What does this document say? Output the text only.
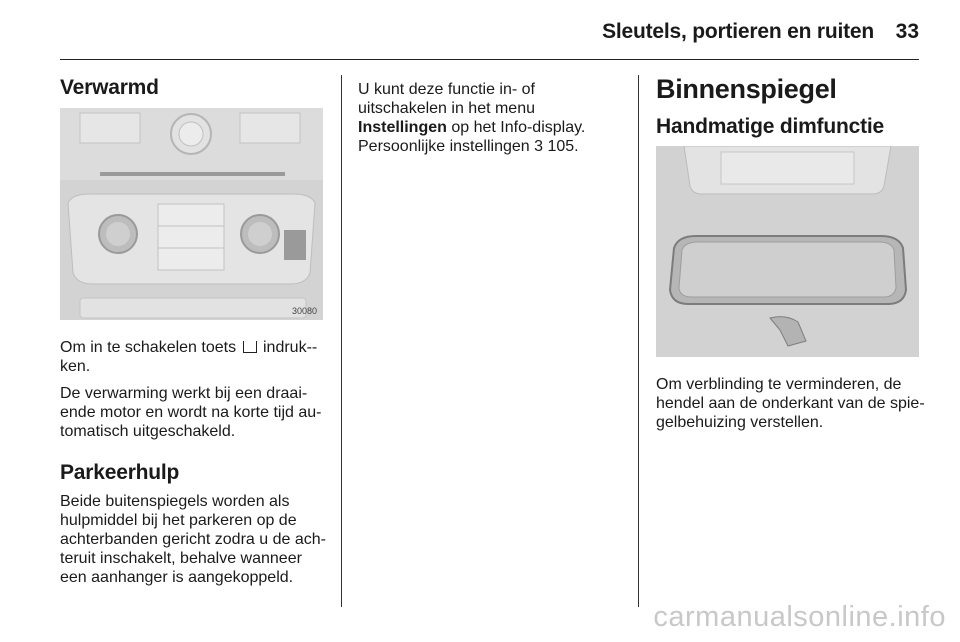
Sleutels, portieren en ruiten 33
Verwarmd
30080

Om in te schakelen toets indruk-ken.

De verwarming werkt bij een draaiende motor en wordt na korte tijd automatisch uitgeschakeld.

Parkeerhulp

Beide buitenspiegels worden als hulpmiddel bij het parkeren op de achterbanden gericht zodra u de achteruit inschakelt, behalve wanneer een aanhanger is aangekoppeld.

U kunt deze functie in- of uitschakelen in het menu Instellingen op het Info-display. Persoonlijke instellingen 3 105.

Binnenspiegel
Handmatige dimfunctie

Om verblinding te verminderen, de hendel aan de onderkant van de spiegelbehuizing verstellen.

carmanualsonline.info
